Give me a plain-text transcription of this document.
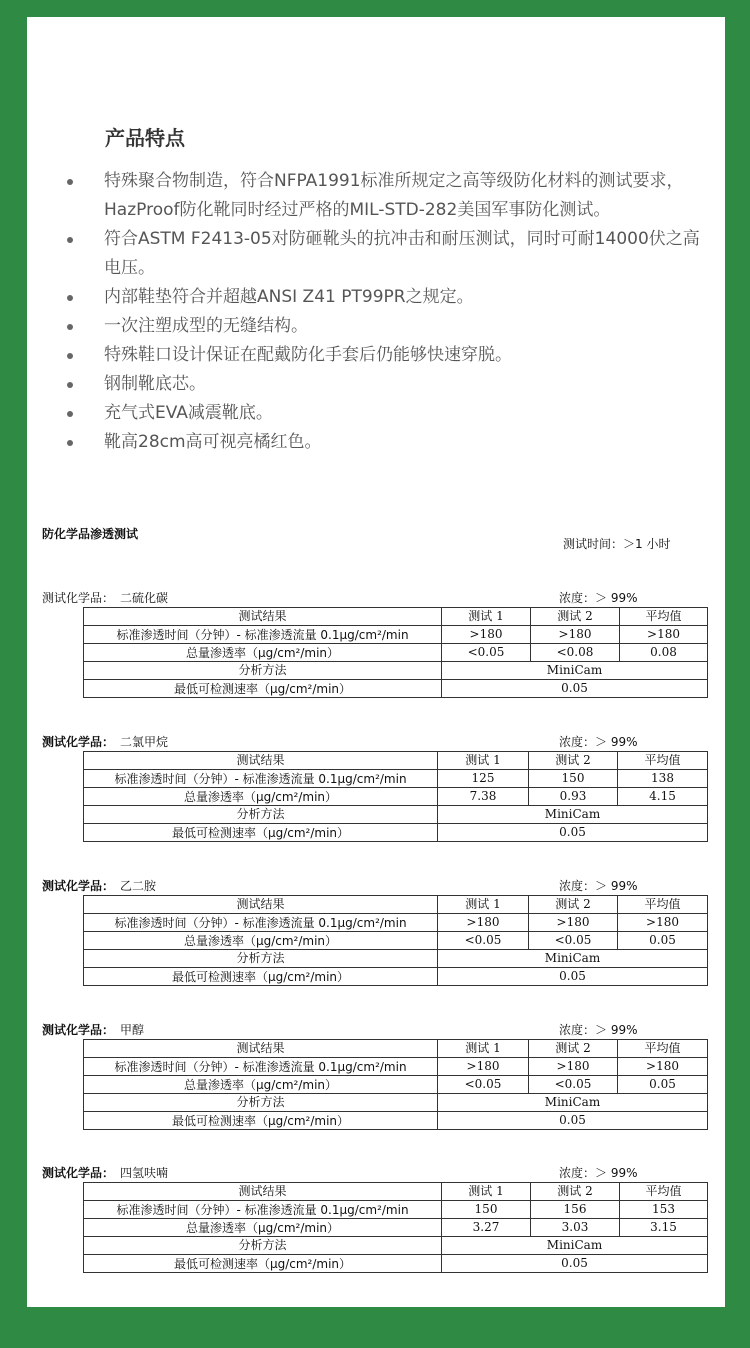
产品特点
特殊聚合物制造，符合NFPA1991标准所规定之高等级防化材料的测试要求，HazProof防化靴同时经过严格的MIL-STD-282美国军事防化测试。
符合ASTM F2413-05对防砸靴头的抗冲击和耐压测试，同时可耐14000伏之高电压。
内部鞋垫符合并超越ANSI Z41 PT99PR之规定。
一次注塑成型的无缝结构。
特殊鞋口设计保证在配戴防化手套后仍能够快速穿脱。
钢制靴底芯。
充气式EVA减震靴底。
靴高28cm高可视亮橘红色。
防化学品渗透测试
测试时间：＞1 小时
测试化学品： 二硫化碳	浓度：＞ 99%
测试结果	测试 1	测试 2	平均值
标准渗透时间（分钟）- 标准渗透流量 0.1μg/cm²/min	>180	>180	>180
总量渗透率（μg/cm²/min）	<0.05	<0.08	0.08
分析方法	MiniCam		
最低可检测速率（μg/cm²/min）	0.05		
测试化学品： 二氯甲烷	浓度：＞ 99%
测试结果	测试 1	测试 2	平均值
标准渗透时间（分钟）- 标准渗透流量 0.1μg/cm²/min	125	150	138
总量渗透率（μg/cm²/min）	7.38	0.93	4.15
分析方法	MiniCam		
最低可检测速率（μg/cm²/min）	0.05		
测试化学品： 乙二胺	浓度：＞ 99%
测试结果	测试 1	测试 2	平均值
标准渗透时间（分钟）- 标准渗透流量 0.1μg/cm²/min	>180	>180	>180
总量渗透率（μg/cm²/min）	<0.05	<0.05	0.05
分析方法	MiniCam		
最低可检测速率（μg/cm²/min）	0.05		
测试化学品： 甲醇	浓度：＞ 99%
测试结果	测试 1	测试 2	平均值
标准渗透时间（分钟）- 标准渗透流量 0.1μg/cm²/min	>180	>180	>180
总量渗透率（μg/cm²/min）	<0.05	<0.05	0.05
分析方法	MiniCam		
最低可检测速率（μg/cm²/min）	0.05		
测试化学品： 四氢呋喃	浓度：＞ 99%
测试结果	测试 1	测试 2	平均值
标准渗透时间（分钟）- 标准渗透流量 0.1μg/cm²/min	150	156	153
总量渗透率（μg/cm²/min）	3.27	3.03	3.15
分析方法	MiniCam		
最低可检测速率（μg/cm²/min）	0.05		
